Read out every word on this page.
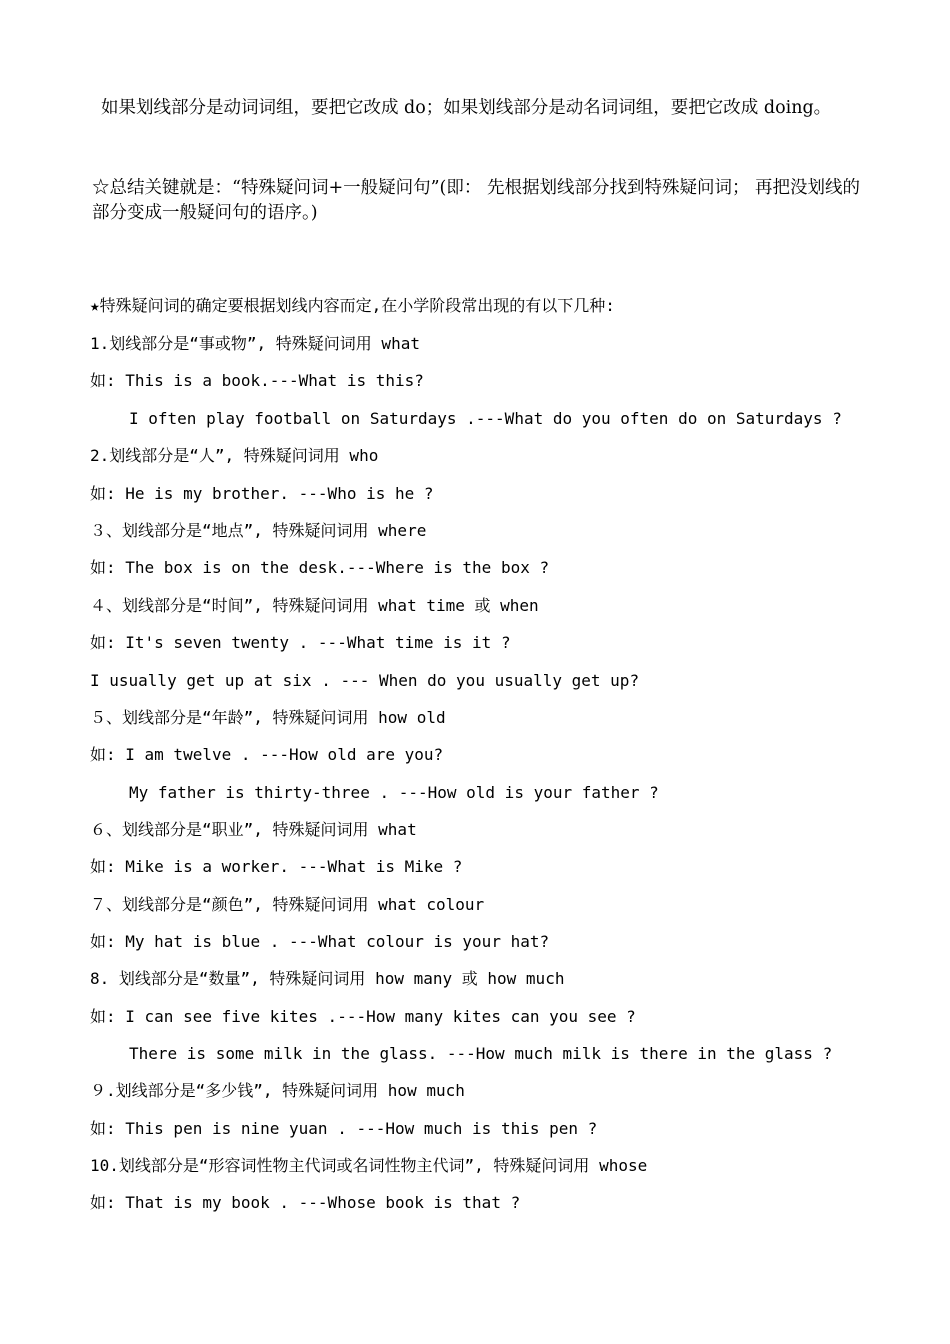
如果划线部分是动词词组，要把它改成 do；如果划线部分是动名词词组，要把它改成 doing。
☆总结关键就是：“特殊疑问词+一般疑问句”(即： 先根据划线部分找到特殊疑问词； 再把没划线的部分变成一般疑问句的语序。)
★特殊疑问词的确定要根据划线内容而定,在小学阶段常出现的有以下几种:
1.划线部分是“事或物”, 特殊疑问词用 what
如: This is a book.---What is this?
I often play football on Saturdays .---What do you often do on Saturdays ?
2.划线部分是“人”, 特殊疑问词用 who
如: He is my brother. ---Who is he ?
３、划线部分是“地点”, 特殊疑问词用 where
如: The box is on the desk.---Where is the box ?
４、划线部分是“时间”, 特殊疑问词用 what time 或 when
如: It's seven twenty . ---What time is it ?
I usually get up at six . --- When do you usually get up?
５、划线部分是“年龄”, 特殊疑问词用 how old
如: I am twelve . ---How old are you?
My father is thirty-three . ---How old is your father ?
６、划线部分是“职业”, 特殊疑问词用 what
如: Mike is a worker. ---What is Mike ?
７、划线部分是“颜色”, 特殊疑问词用 what colour
如: My hat is blue . ---What colour is your hat?
8. 划线部分是“数量”, 特殊疑问词用 how many 或 how much
如: I can see five kites .---How many kites can you see ?
There is some milk in the glass. ---How much milk is there in the glass ?
９.划线部分是“多少钱”, 特殊疑问词用 how much
如: This pen is nine yuan . ---How much is this pen ?
10.划线部分是“形容词性物主代词或名词性物主代词”, 特殊疑问词用 whose
如: That is my book . ---Whose book is that ?
